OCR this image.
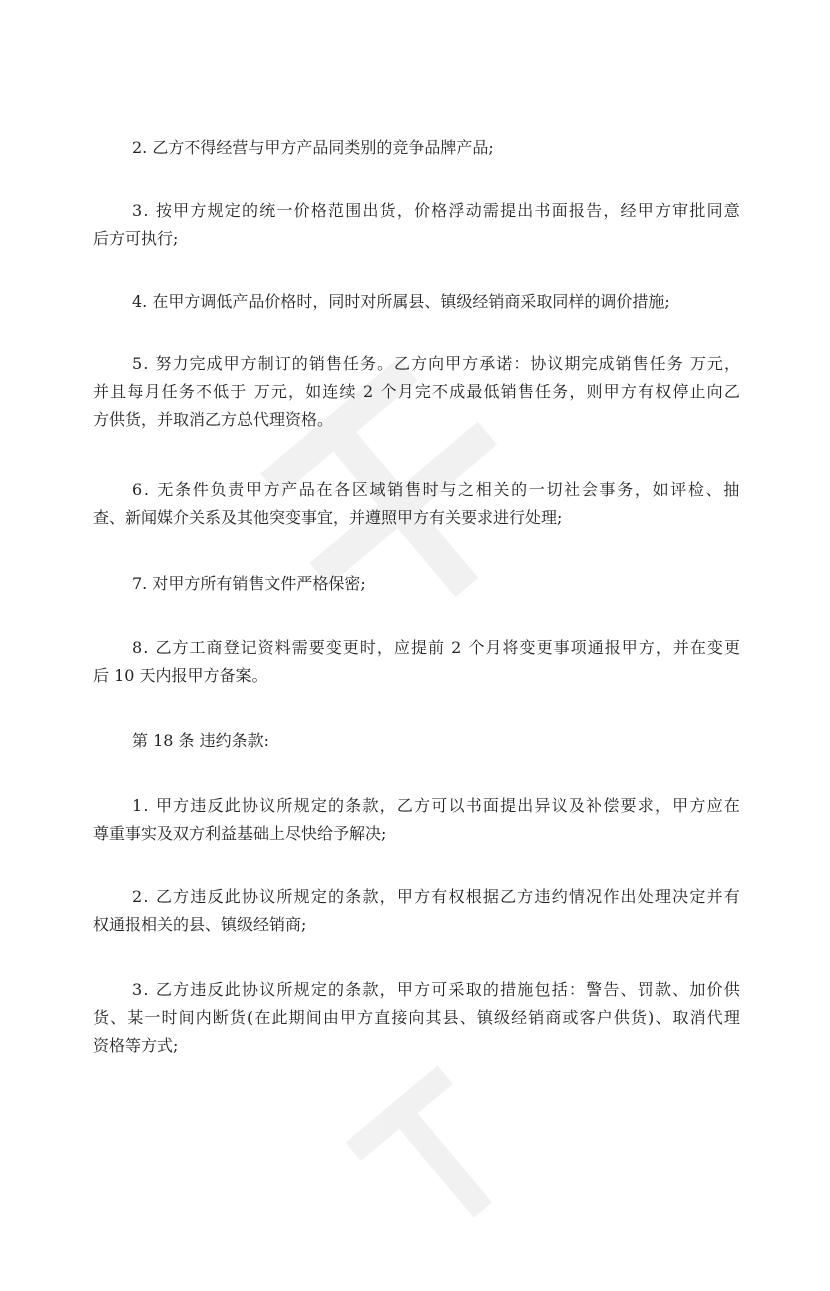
2. 乙方不得经营与甲方产品同类别的竞争品牌产品;
3. 按甲方规定的统一价格范围出货，价格浮动需提出书面报告，经甲方审批同意
后方可执行;
4. 在甲方调低产品价格时，同时对所属县、镇级经销商采取同样的调价措施;
5. 努力完成甲方制订的销售任务。乙方向甲方承诺：协议期完成销售任务 万元，
并且每月任务不低于 万元，如连续 2 个月完不成最低销售任务，则甲方有权停止向乙
方供货，并取消乙方总代理资格。
6. 无条件负责甲方产品在各区域销售时与之相关的一切社会事务，如评检、抽
查、新闻媒介关系及其他突变事宜，并遵照甲方有关要求进行处理;
7. 对甲方所有销售文件严格保密;
8. 乙方工商登记资料需要变更时，应提前 2 个月将变更事项通报甲方，并在变更
后 10 天内报甲方备案。
第 18 条 违约条款:
1. 甲方违反此协议所规定的条款，乙方可以书面提出异议及补偿要求，甲方应在
尊重事实及双方利益基础上尽快给予解决;
2. 乙方违反此协议所规定的条款，甲方有权根据乙方违约情况作出处理决定并有
权通报相关的县、镇级经销商;
3. 乙方违反此协议所规定的条款，甲方可采取的措施包括：警告、罚款、加价供
货、某一时间内断货(在此期间由甲方直接向其县、镇级经销商或客户供货)、取消代理
资格等方式;
